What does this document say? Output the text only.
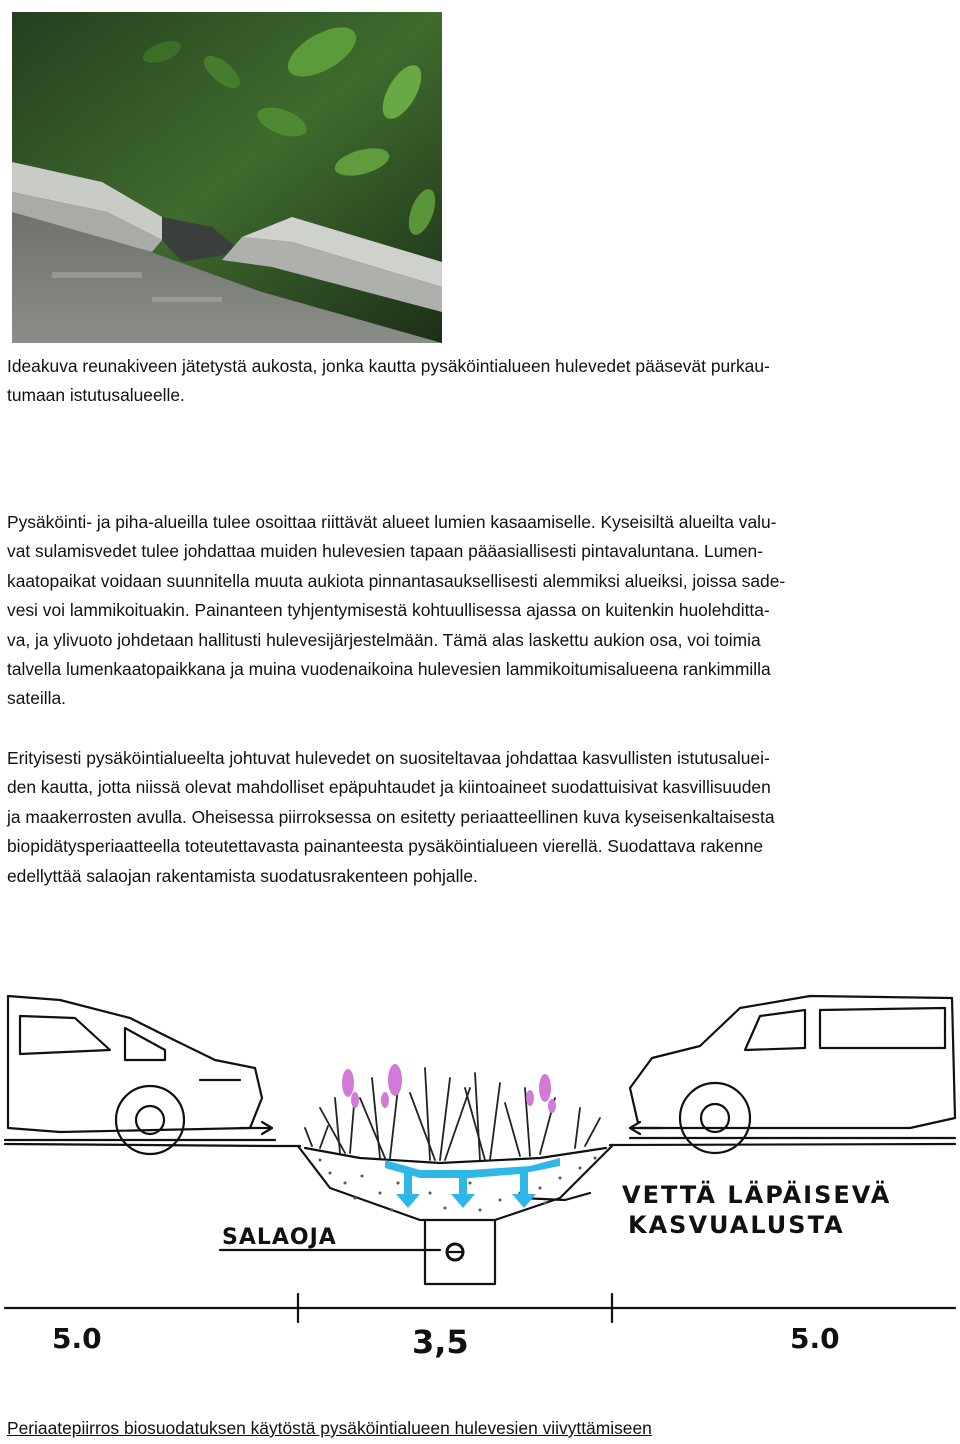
Ideakuva reunakiveen jätetystä aukosta, jonka kautta pysäköintialueen hulevedet pääsevät purkau-
tumaan istutusalueelle.

Pysäköinti- ja piha-alueilla tulee osoittaa riittävät alueet lumien kasaamiselle. Kyseisiltä alueilta valu-
vat sulamisvedet tulee johdattaa muiden hulevesien tapaan pääasiallisesti pintavaluntana. Lumen-
kaatopaikat voidaan suunnitella muuta aukiota pinnantasauksellisesti alemmiksi alueiksi, joissa sade-
vesi voi lammikoituakin. Painanteen tyhjentymisestä kohtuullisessa ajassa on kuitenkin huolehditta-
va, ja ylivuoto johdetaan hallitusti hulevesijärjestelmään. Tämä alas laskettu aukion osa, voi toimia
talvella lumenkaatopaikkana ja muina vuodenaikoina hulevesien lammikoitumisalueena rankimmilla
sateilla.

Erityisesti pysäköintialueelta johtuvat hulevedet on suositeltavaa johdattaa kasvullisten istutusaluei-
den kautta, jotta niissä olevat mahdolliset epäpuhtaudet ja kiintoaineet suodattuisivat kasvillisuuden
ja maakerrosten avulla. Oheisessa piirroksessa on esitetty periaatteellinen kuva kyseisenkaltaisesta
biopidätysperiaatteella toteutettavasta painanteesta pysäköintialueen vierellä. Suodattava rakenne
edellyttää salaojan rakentamista suodatusrakenteen pohjalle.

VETTÄ LÄPÄISEVÄ
KASVUALUSTA
SALAOJA
5.0	3,5	5.0

Periaatepiirros biosuodatuksen käytöstä pysäköintialueen hulevesien viivyttämiseen
